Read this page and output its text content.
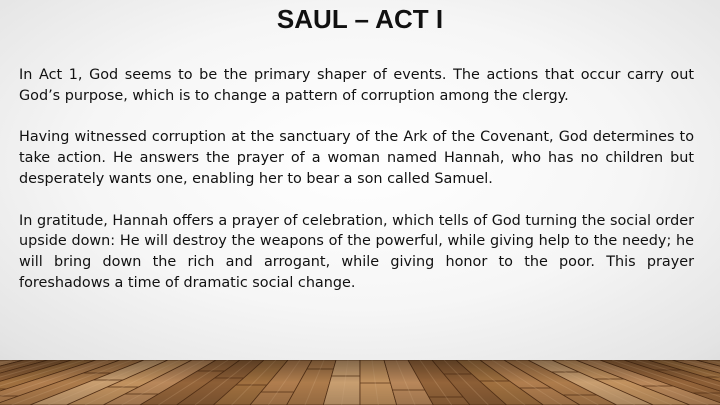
SAUL – ACT I

In Act 1, God seems to be the primary shaper of events. The actions that occur carry out God’s purpose, which is to change a pattern of corruption among the clergy.

Having witnessed corruption at the sanctuary of the Ark of the Covenant, God determines to take action. He answers the prayer of a woman named Hannah, who has no children but desperately wants one, enabling her to bear a son called Samuel.

In gratitude, Hannah offers a prayer of celebration, which tells of God turning the social order upside down: He will destroy the weapons of the powerful, while giving help to the needy; he will bring down the rich and arrogant, while giving honor to the poor. This prayer foreshadows a time of dramatic social change.
